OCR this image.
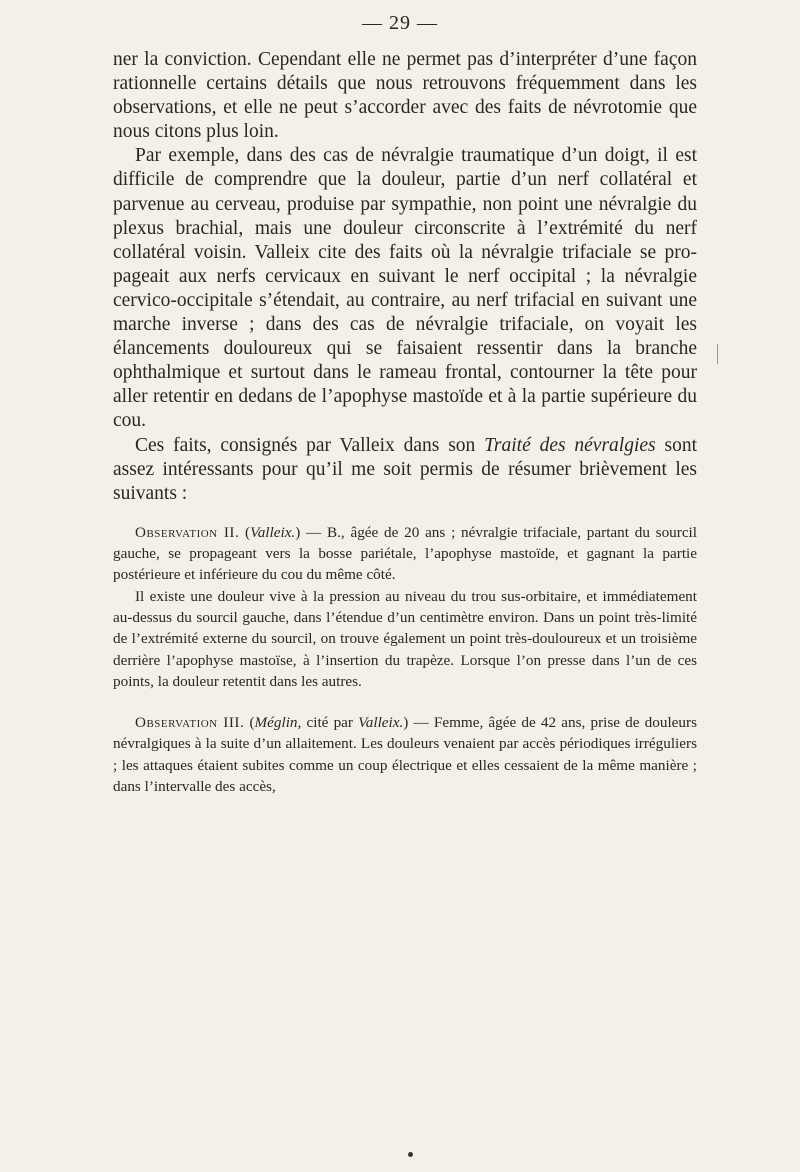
— 29 —

ner la conviction. Cependant elle ne permet pas d’interpréter d’une façon rationnelle certains détails que nous retrouvons fréquemment dans les observations, et elle ne peut s’accorder avec des faits de névrotomie que nous citons plus loin.

Par exemple, dans des cas de névralgie traumatique d’un doigt, il est difficile de comprendre que la douleur, partie d’un nerf collatéral et parvenue au cerveau, produise par sympathie, non point une névralgie du plexus brachial, mais une douleur circonscrite à l’extrémité du nerf collatéral voisin. Valleix cite des faits où la névralgie trifaciale se propageait aux nerfs cervicaux en suivant le nerf occipital ; la névralgie cervico-occipitale s’étendait, au contraire, au nerf trifacial en suivant une marche inverse ; dans des cas de névralgie trifaciale, on voyait les élancements douloureux qui se faisaient ressentir dans la branche ophthalmique et surtout dans le rameau frontal, contourner la tête pour aller retentir en dedans de l’apophyse mastoïde et à la partie supérieure du cou.

Ces faits, consignés par Valleix dans son Traité des névralgies sont assez intéressants pour qu’il me soit permis de résumer brièvement les suivants :

Observation II. (Valleix.) — B., âgée de 20 ans ; névralgie trifaciale, partant du sourcil gauche, se propageant vers la bosse pariétale, l’apophyse mastoïde, et gagnant la partie postérieure et inférieure du cou du même côté.

Il existe une douleur vive à la pression au niveau du trou sus-orbitaire, et immédiatement au-dessus du sourcil gauche, dans l’étendue d’un centimètre environ. Dans un point très-limité de l’extrémité externe du sourcil, on trouve également un point très-douloureux et un troisième derrière l’apophyse mastoïse, à l’insertion du trapèze. Lorsque l’on presse dans l’un de ces points, la douleur retentit dans les autres.

Observation III. (Méglin, cité par Valleix.) — Femme, âgée de 42 ans, prise de douleurs névralgiques à la suite d’un allaitement. Les douleurs venaient par accès périodiques irréguliers ; les attaques étaient subites comme un coup électrique et elles cessaient de la même manière ; dans l’intervalle des accès,
